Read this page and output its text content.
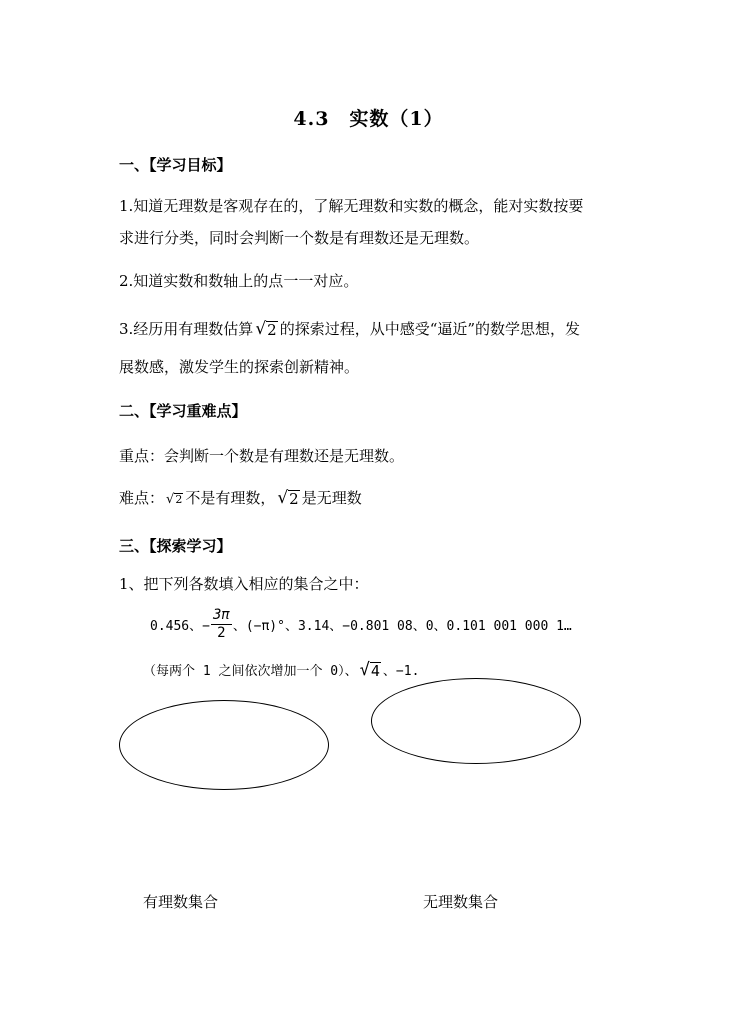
4.3　实数（1）
一、【学习目标】
1.知道无理数是客观存在的，了解无理数和实数的概念，能对实数按要
求进行分类，同时会判断一个数是有理数还是无理数。
2.知道实数和数轴上的点一一对应。
3.经历用有理数估算 √ 2 的探索过程，从中感受“逼近”的数学思想，发
展数感，激发学生的探索创新精神。
二、【学习重难点】
重点：会判断一个数是有理数还是无理数。
难点： √ 2 不是有理数， √ 2 是无理数
三、【探索学习】
1、把下列各数填入相应的集合之中：
0.456、− $\frac{3\pi}{2}$ 、(−π)°、3.14、−0.801 08、0、0.101 001 000 1…
（每两个 1 之间依次增加一个 0）、 √ 4 、−1.
有理数集合	无理数集合
